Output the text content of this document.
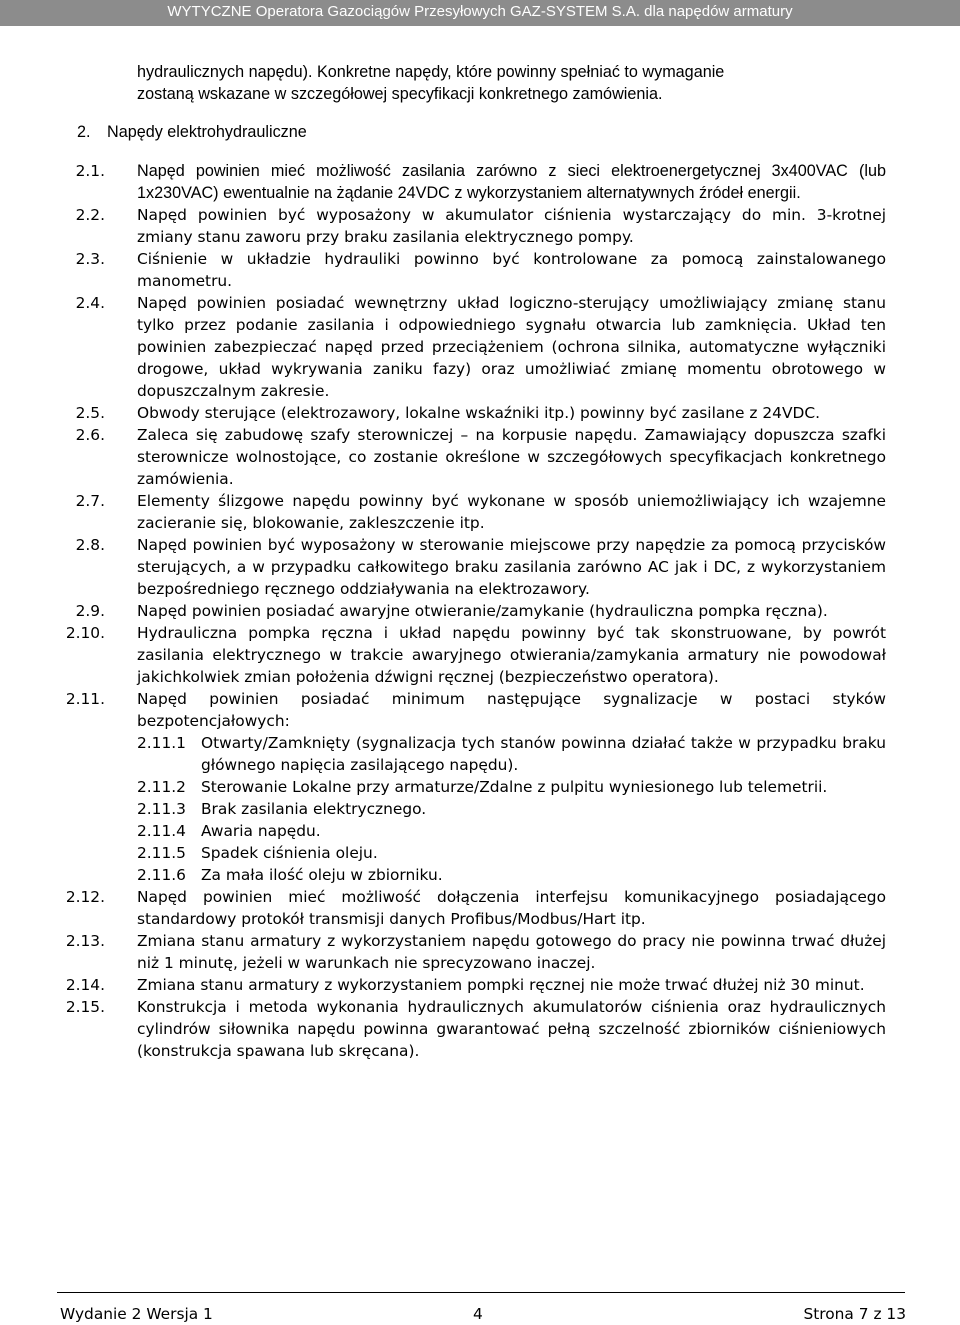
WYTYCZNE Operatora Gazociągów Przesyłowych GAZ-SYSTEM S.A. dla napędów armatury

hydraulicznych napędu). Konkretne napędy, które powinny spełniać to wymaganie

zostaną wskazane w szczegółowej specyfikacji konkretnego zamówienia.

2.	Napędy elektrohydrauliczne
2.1.	Napęd powinien mieć możliwość zasilania zarówno z sieci elektroenergetycznej 3x400VAC (lub 1x230VAC) ewentualnie na żądanie 24VDC z wykorzystaniem alternatywnych źródeł energii.
2.2.	Napęd powinien być wyposażony w akumulator ciśnienia wystarczający do min. 3-krotnej zmiany stanu zaworu przy braku zasilania elektrycznego pompy.
2.3.	Ciśnienie w układzie hydrauliki powinno być kontrolowane za pomocą zainstalowanego manometru.
2.4.	Napęd powinien posiadać wewnętrzny układ logiczno-sterujący umożliwiający zmianę stanu tylko przez podanie zasilania i odpowiedniego sygnału otwarcia lub zamknięcia. Układ ten powinien zabezpieczać napęd przed przeciążeniem (ochrona silnika, automatyczne wyłączniki drogowe, układ wykrywania zaniku fazy) oraz umożliwiać zmianę momentu obrotowego w dopuszczalnym zakresie.
2.5.	Obwody sterujące (elektrozawory, lokalne wskaźniki itp.) powinny być zasilane z 24VDC.
2.6.	Zaleca się zabudowę szafy sterowniczej – na korpusie napędu. Zamawiający dopuszcza szafki sterownicze wolnostojące, co zostanie określone w szczegółowych specyfikacjach konkretnego zamówienia.
2.7.	Elementy ślizgowe napędu powinny być wykonane w sposób uniemożliwiający ich wzajemne zacieranie się, blokowanie, zakleszczenie itp.
2.8.	Napęd powinien być wyposażony w sterowanie miejscowe przy napędzie za pomocą przycisków sterujących, a w przypadku całkowitego braku zasilania zarówno AC jak i DC, z wykorzystaniem bezpośredniego ręcznego oddziaływania na elektrozawory.
2.9.	Napęd powinien posiadać awaryjne otwieranie/zamykanie (hydrauliczna pompka ręczna).
2.10.	Hydrauliczna pompka ręczna i układ napędu powinny być tak skonstruowane, by powrót zasilania elektrycznego w trakcie awaryjnego otwierania/zamykania armatury nie powodował jakichkolwiek zmian położenia dźwigni ręcznej (bezpieczeństwo operatora).
2.11.	Napęd powinien posiadać minimum następujące sygnalizacje w postaci styków bezpotencjałowych:
2.11.1 Otwarty/Zamknięty (sygnalizacja tych stanów powinna działać także w przypadku braku głównego napięcia zasilającego napędu).
2.11.2 Sterowanie Lokalne przy armaturze/Zdalne z pulpitu wyniesionego lub telemetrii.
2.11.3 Brak zasilania elektrycznego.
2.11.4 Awaria napędu.
2.11.5 Spadek ciśnienia oleju.
2.11.6 Za mała ilość oleju w zbiorniku.
2.12.	Napęd powinien mieć możliwość dołączenia interfejsu komunikacyjnego posiadającego standardowy protokół transmisji danych Profibus/Modbus/Hart itp.
2.13.	Zmiana stanu armatury z wykorzystaniem napędu gotowego do pracy nie powinna trwać dłużej niż 1 minutę, jeżeli w warunkach nie sprecyzowano inaczej.
2.14.	Zmiana stanu armatury z wykorzystaniem pompki ręcznej nie może trwać dłużej niż 30 minut.
2.15.	Konstrukcja i metoda wykonania hydraulicznych akumulatorów ciśnienia oraz hydraulicznych cylindrów siłownika napędu powinna gwarantować pełną szczelność zbiorników ciśnieniowych (konstrukcja spawana lub skręcana).
Wydanie 2 Wersja 1	4	Strona 7 z 13
